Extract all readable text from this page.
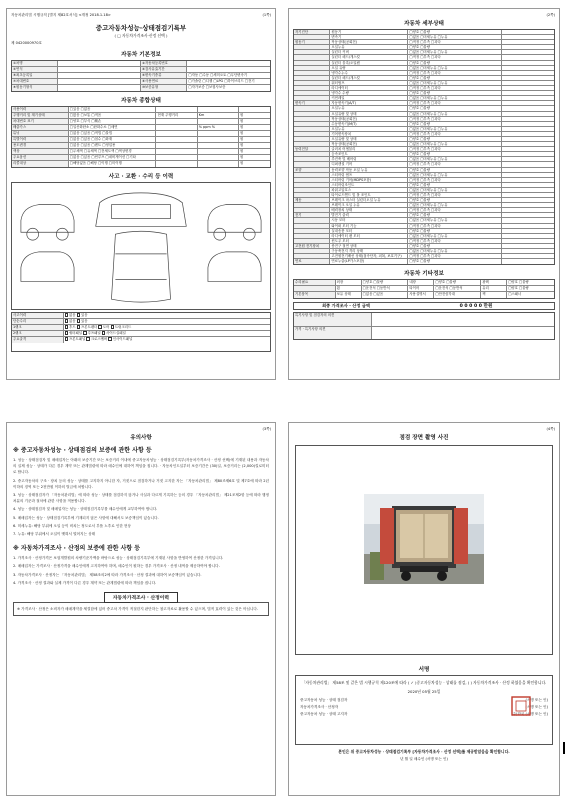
자동차관리법 시행규칙 [별지 제82호서식] <개정 2018.1.18>	(1쪽)
중고자동차성능·상태점검기록부
( □ 자동차가격조사·산정 선택 )
제 0420000970호
자동차 기본정보
①차명	②자동차등록번호
③연식	④검사유효기간
⑤최초등록일	⑥변속기종류	□자동 □수동 □세미오토 □무단변속기
⑦차대번호	⑧사용연료	□가솔린 □디젤 □LPG □하이브리드 □전기
⑨원동기형식	⑩보증유형	□자가보증 □보험사보증
자동차 종합상태
사용이력	□있음 □없음
주행거리 및 계기상태	□많음 □보통 □적음	현재 주행거리	Km	원
차대번호 표기	□양호 □부식 □훼손	원
배출가스	□일산화탄소 □탄화수소 □매연	% ppm %	원
튜닝	□없음 □있음 □적법 □불법	원
특별이력	□없음 □있음 □침수 □화재	원
용도변경	□없음 □있음 □렌트 □영업용	원
색상	□무채색 □유채색 □전체도색 □색상변경	원
주요옵션	□없음 □있음 □썬루프 □네비게이션 □기타	원
리콜대상	□해당없음 □해당 □이행 □미이행	원
사고 · 교환 · 수리 등 이력
사고이력	없음 있음
단순수리	없음 있음
1랭크	후드 프론트펜더 도어 트렁크리드
2랭크	쿼터패널 루프패널 사이드실패널
주요골격	프론트패널 크로스멤버 인사이드패널
(2쪽)
자동차 세부상태
자기진단	원동기	□양호 □불량
변속기	□없음 □미세누유 □누유
원동기	작동상태(공회전)	□적정 □부족 □과다
오일누유	□양호 □불량
실린더 커버	□없음 □미세누유 □누유
실린더 헤드/개스킷	□적정 □부족 □과다
실린더 블록/오일팬	□양호 □불량
오일 유량	□없음 □미세누유 □누유
냉각수누수	□적정 □부족 □과다
실린더 헤드/개스킷	□양호 □불량
워터펌프	□없음 □미세누유 □누유
라디에이터	□적정 □부족 □과다
냉각수 수량	□양호 □불량
커먼레일	□없음 □미세누유 □누유
변속기	자동변속기(A/T)	□적정 □부족 □과다
오일누유	□양호 □불량
오일유량 및 상태	□없음 □미세누유 □누유
작동상태(공회전)	□적정 □부족 □과다
수동변속기(M/T)	□양호 □불량
오일누유	□없음 □미세누유 □누유
기어변속장치	□적정 □부족 □과다
오일유량 및 상태	□양호 □불량
작동상태(공회전)	□없음 □미세누유 □누유
동력전달	클러치 어셈블리	□적정 □부족 □과다
등속조인트	□양호 □불량
추진축 및 베어링	□없음 □미세누유 □누유
디퍼렌셜 기어	□적정 □부족 □과다
조향	동력조향 작동 오일 누유	□양호 □불량
스티어링 펌프	□없음 □미세누유 □누유
스티어링 기어(MDPS포함)	□적정 □부족 □과다
스티어링조인트	□양호 □불량
파워고압호스	□없음 □미세누유 □누유
타이로드엔드 및 볼 조인트	□적정 □부족 □과다
제동	브레이크 마스터 실린더오일 누유	□양호 □불량
브레이크 오일 누유	□없음 □미세누유 □누유
배력장치 상태	□적정 □부족 □과다
전기	발전기 출력	□양호 □불량
시동 모터	□없음 □미세누유 □누유
와이퍼 모터 기능	□적정 □부족 □과다
실내송풍 모터	□양호 □불량
라디에이터 팬 모터	□없음 □미세누유 □누유
윈도우 모터	□적정 □부족 □과다
고전원 전기장치	충전구 절연 상태	□양호 □불량
구동축전지 격리 상태	□없음 □미세누유 □누유
고전원전기배선 상태(접속단자, 피복, 보호기구)	□적정 □부족 □과다
연료	연료누출(LP가스포함)	□양호 □불량
자동차 기타정보
수리필요	외장	□양호 □불량	내장	□양호 □불량	광택	□양호 □불량
휠	□운전석 □동반석	타이어	□운전석 □동반석	유리	□양호 □불량
기본품목	보유 상태	□없음 □있음	사용설명서	□안전삼각대	잭	□스패너
최종 가격조사 · 산정 금액	0 0 0 0 0 만원
특기사항 및 점검자의 의견
가격 · 특기사항 의견
(3쪽)
유의사항
※ 중고자동차성능 · 상태점검의 보증에 관한 사항 등

1. 성능 · 상태점검자 및 매매업자는 아래의 보증기간 또는 보증거리 이내에 중고자동차성능 · 상태점검기록부(자동차가격조사 · 산정 선택)에 기재된 내용과 자동차의 실제 성능 · 상태가 다른 경우 계약 또는 관계법령에 따라 매수인에 대하여 책임을 집니다. · 자동차인도일부터 보증기간은 (30)일, 보증거리는 (2,000)킬로미터로 합니다.

2. 중고자동차의 구조 · 장치 등의 성능 · 상태를 고지하지 아니한 자, 거짓으로 점검하거나 거짓 고지한 자는 「자동차관리법」 제80조제6호 및 제7호에 따라 2년 이하의 징역 또는 2천만원 이하의 벌금에 처합니다.

3. 성능 · 상태점검자가 「자동차관리법」에 따라 성능 · 상태를 점검하지 않거나 사실과 다르게 기록하는 등의 경우 「자동차관리법」 제21조제2항 등에 따라 행정처분의 기준과 절차에 관한 사항을 적용합니다.

4. 성능 · 상태점검자 및 매매업자는 성능 · 상태점검기록부를 매수인에게 교부하여야 합니다.

5. 매매업자는 성능 · 상태점검기록부에 기재되지 않은 사항에 대해서도 보증책임이 있습니다.

6. 미세누유: 해당 부위에 오일 등이 비치는 정도로서 부품 노후로 인한 현상

7. 누유: 해당 부위에서 오일이 맺혀서 떨어지는 상태

※ 자동차가격조사 · 산정의 보증에 관한 사항 등

1. 가격조사 · 산정가격은 보험개발원의 차량기준가액을 바탕으로 성능 · 상태점검기록부에 기재된 사항을 반영하여 산정한 가격입니다.

2. 매매업자는 가격조사 · 산정가격을 매수인에게 고지하여야 하며, 매수인이 원하는 경우 가격조사 · 산정 내역을 제공하여야 합니다.

3. 자동차가격조사 · 산정자는 「자동차관리법」 제58조의2에 따라 가격조사 · 산정 결과에 대하여 보증책임이 있습니다.

4. 가격조사 · 산정 결과와 실제 가격이 다른 경우 계약 또는 관계법령에 따라 책임을 집니다.

자동차가격조사 · 산정이력
※ 가격조사 · 산정은 소비자가 매매계약을 체결함에 있어 중고차 가격이 적절한지 판단하는 참고자료로 활용할 수 있으며, 법적 효력이 있는 것은 아닙니다.
(4쪽)
점검 장면 촬영 사진
서명
「자동차관리법」 제58조 및 같은 법 시행규칙 제120조에 따라 ( ✓ )중고자동차성능 · 상태를 점검, ( ) 자동차가격조사 · 산정 하였음을 확인합니다.
2020년 05월 25일
중고자동차 성능 · 상태 점검자	(서명 또는 인)
자동차가격조사 · 산정자	(서명 또는 인)
중고자동차 성능 · 상태 고지자	(주)한국 (서명 또는 인)
본인은 위 중고자동차성능 · 상태점검기록부 [자동차가격조사 · 산정 선택]를 제공받았음을 확인합니다.
년 월 일 매수인 (서명 또는 인)
